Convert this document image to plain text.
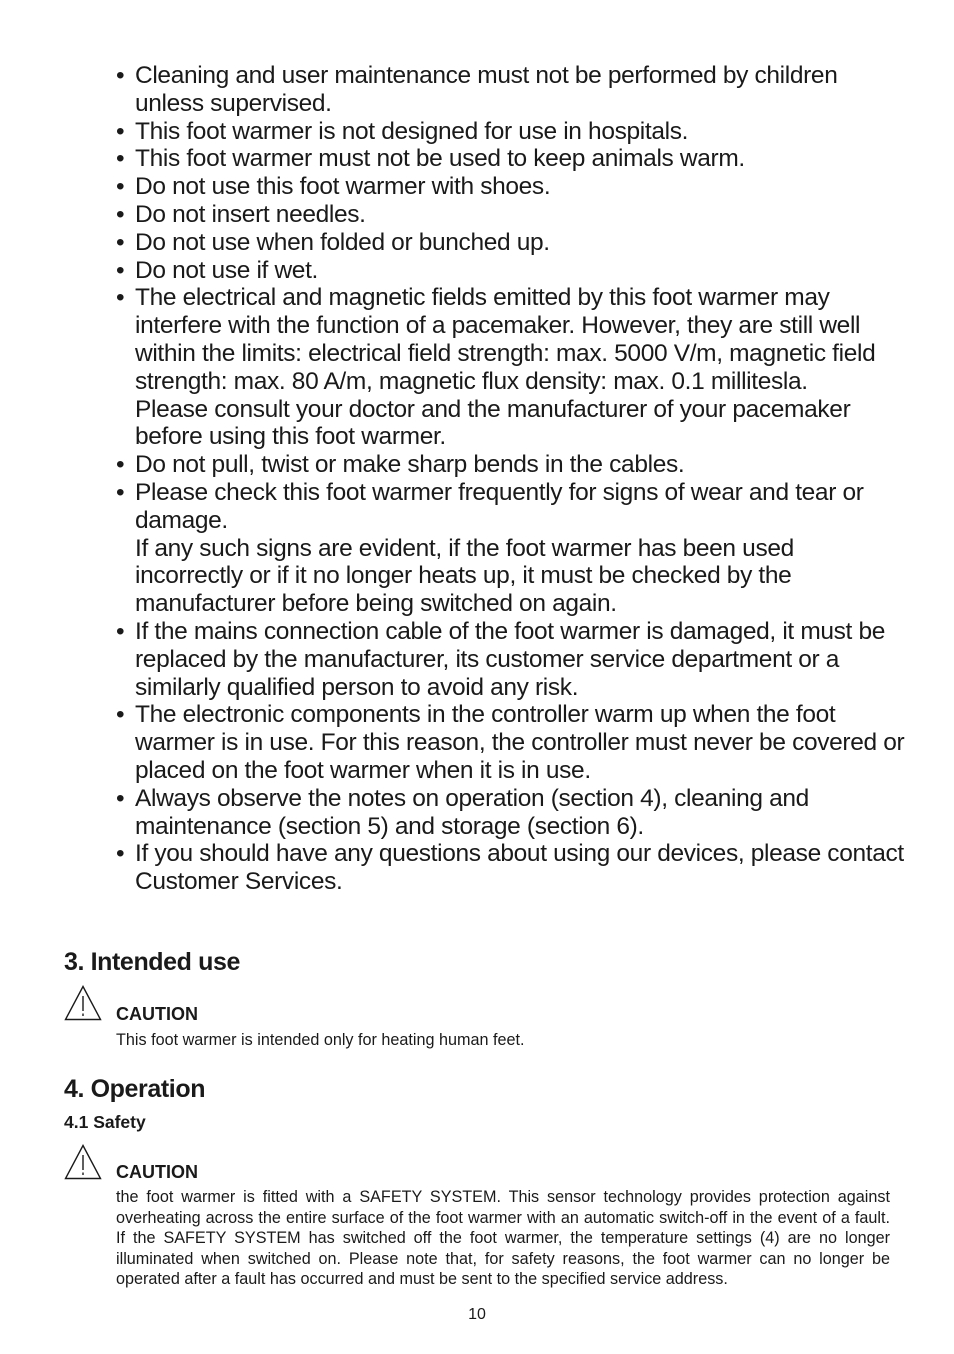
• Cleaning and user maintenance must not be performed by children unless supervised.
• This foot warmer is not designed for use in hospitals.
• This foot warmer must not be used to keep animals warm.
• Do not use this foot warmer with shoes.
• Do not insert needles.
• Do not use when folded or bunched up.
• Do not use if wet.
• The electrical and magnetic fields emitted by this foot warmer may interfere with the function of a pacemaker. However, they are still well within the limits: electrical field strength: max. 5000 V/m, magnetic field strength: max. 80 A/m, magnetic flux density: max. 0.1 millitesla.
Please consult your doctor and the manufacturer of your pacemaker before using this foot warmer.
• Do not pull, twist or make sharp bends in the cables.
• Please check this foot warmer frequently for signs of wear and tear or damage.
If any such signs are evident, if the foot warmer has been used incorrectly or if it no longer heats up, it must be checked by the manufacturer before being switched on again.
• If the mains connection cable of the foot warmer is damaged, it must be replaced by the manufacturer, its customer service department or a similarly qualified person to avoid any risk.
• The electronic components in the controller warm up when the foot warmer is in use. For this reason, the controller must never be covered or placed on the foot warmer when it is in use.
• Always observe the notes on operation (section 4), cleaning and maintenance (section 5) and storage (section 6).
• If you should have any questions about using our devices, please contact Customer Services.
3. Intended use
CAUTION

This foot warmer is intended only for heating human feet.

4. Operation
4.1 Safety
CAUTION

the foot warmer is fitted with a SAFETY SYSTEM. This sensor technology provides protection against overheating across the entire surface of the foot warmer with an automatic switch-off in the event of a fault. If the SAFETY SYSTEM has switched off the foot warmer, the temperature settings (4) are no longer illuminated when switched on. Please note that, for safety reasons, the foot warmer can no longer be operated after a fault has occurred and must be sent to the specified service address.

10
